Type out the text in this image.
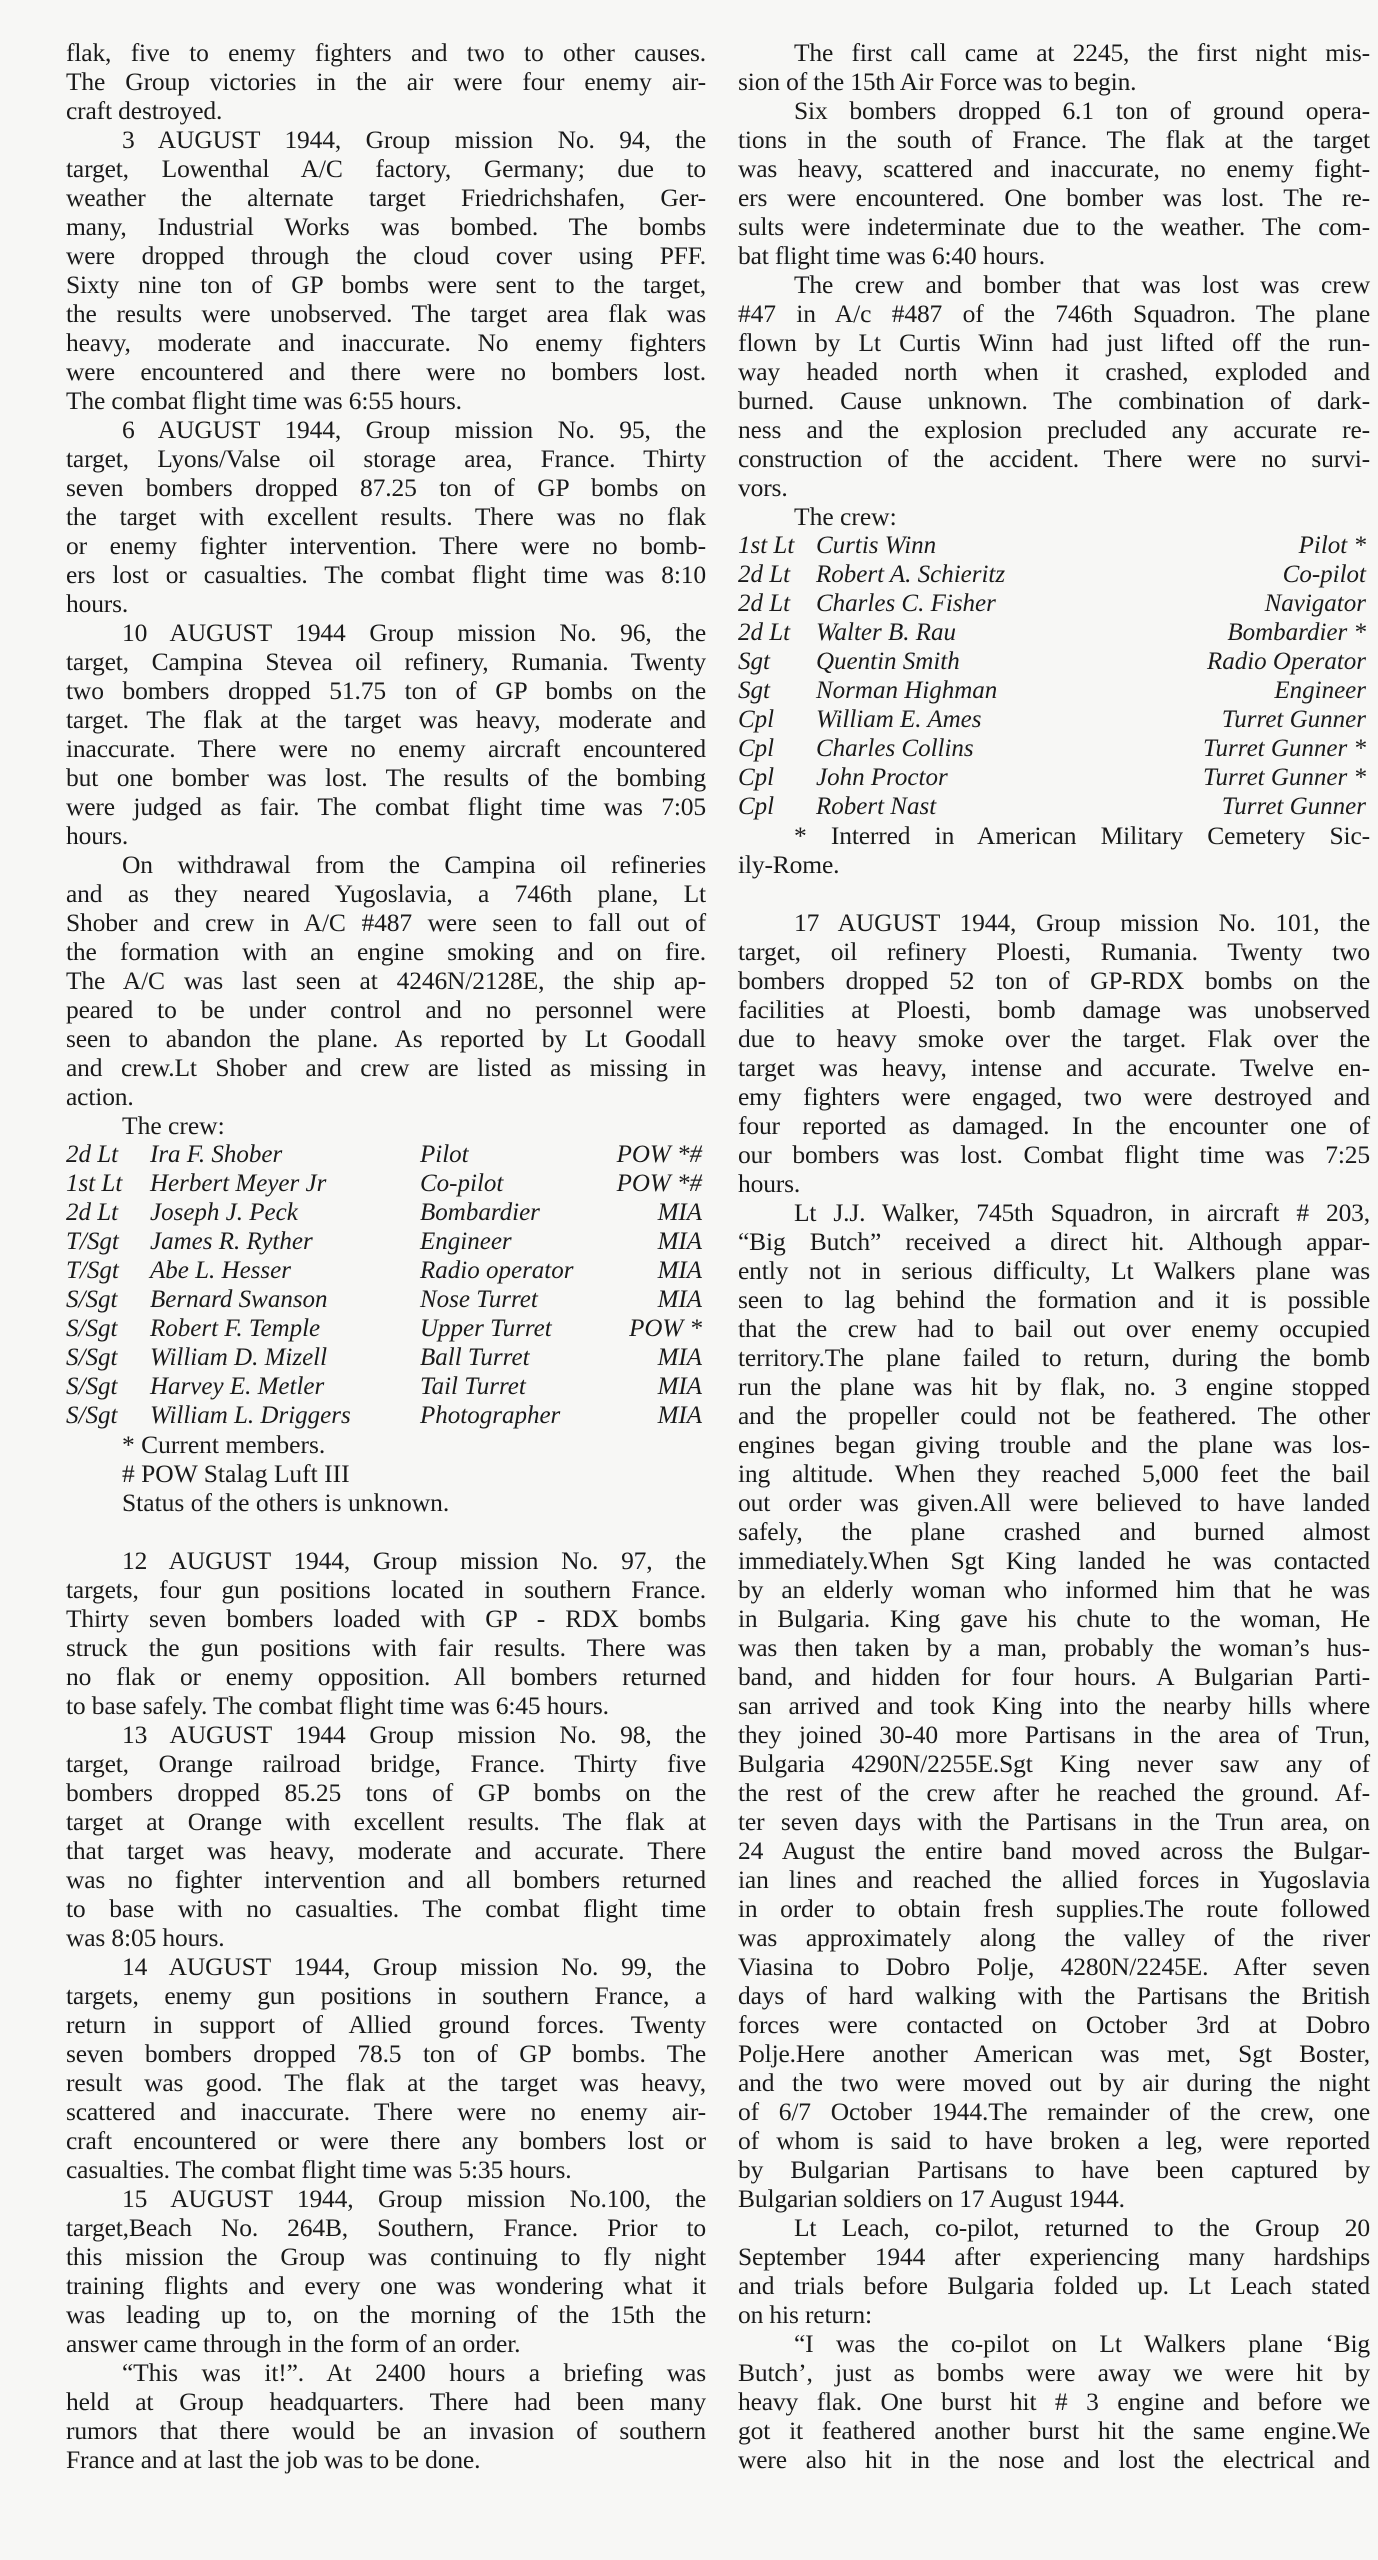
flak, five to enemy fighters and two to other causes.
The Group victories in the air were four enemy air-
craft destroyed.
3 AUGUST 1944, Group mission No. 94, the
target, Lowenthal A/C factory, Germany; due to
weather the alternate target Friedrichshafen, Ger-
many, Industrial Works was bombed. The bombs
were dropped through the cloud cover using PFF.
Sixty nine ton of GP bombs were sent to the target,
the results were unobserved. The target area flak was
heavy, moderate and inaccurate. No enemy fighters
were encountered and there were no bombers lost.
The combat flight time was 6:55 hours.
6 AUGUST 1944, Group mission No. 95, the
target, Lyons/Valse oil storage area, France. Thirty
seven bombers dropped 87.25 ton of GP bombs on
the target with excellent results. There was no flak
or enemy fighter intervention. There were no bomb-
ers lost or casualties. The combat flight time was 8:10
hours.
10 AUGUST 1944 Group mission No. 96, the
target, Campina Stevea oil refinery, Rumania. Twenty
two bombers dropped 51.75 ton of GP bombs on the
target. The flak at the target was heavy, moderate and
inaccurate. There were no enemy aircraft encountered
but one bomber was lost. The results of the bombing
were judged as fair. The combat flight time was 7:05
hours.
On withdrawal from the Campina oil refineries
and as they neared Yugoslavia, a 746th plane, Lt
Shober and crew in A/C #487 were seen to fall out of
the formation with an engine smoking and on fire.
The A/C was last seen at 4246N/2128E, the ship ap-
peared to be under control and no personnel were
seen to abandon the plane. As reported by Lt Goodall
and crew.Lt Shober and crew are listed as missing in
action.
The crew:
2d Lt Ira F. Shober	Pilot	POW *#
1st Lt Herbert Meyer Jr	Co-pilot	POW *#
2d Lt Joseph J. Peck	Bombardier	MIA
T/Sgt James R. Ryther	Engineer	MIA
T/Sgt Abe L. Hesser	Radio operator	MIA
S/Sgt Bernard Swanson	Nose Turret	MIA
S/Sgt Robert F. Temple	Upper Turret	POW *
S/Sgt William D. Mizell	Ball Turret	MIA
S/Sgt Harvey E. Metler	Tail Turret	MIA
S/Sgt William L. Driggers	Photographer	MIA
* Current members.
# POW Stalag Luft III
Status of the others is unknown.
12 AUGUST 1944, Group mission No. 97, the
targets, four gun positions located in southern France.
Thirty seven bombers loaded with GP - RDX bombs
struck the gun positions with fair results. There was
no flak or enemy opposition. All bombers returned
to base safely. The combat flight time was 6:45 hours.
13 AUGUST 1944 Group mission No. 98, the
target, Orange railroad bridge, France. Thirty five
bombers dropped 85.25 tons of GP bombs on the
target at Orange with excellent results. The flak at
that target was heavy, moderate and accurate. There
was no fighter intervention and all bombers returned
to base with no casualties. The combat flight time
was 8:05 hours.
14 AUGUST 1944, Group mission No. 99, the
targets, enemy gun positions in southern France, a
return in support of Allied ground forces. Twenty
seven bombers dropped 78.5 ton of GP bombs. The
result was good. The flak at the target was heavy,
scattered and inaccurate. There were no enemy air-
craft encountered or were there any bombers lost or
casualties. The combat flight time was 5:35 hours.
15 AUGUST 1944, Group mission No.100, the
target,Beach No. 264B, Southern, France. Prior to
this mission the Group was continuing to fly night
training flights and every one was wondering what it
was leading up to, on the morning of the 15th the
answer came through in the form of an order.
“This was it!”. At 2400 hours a briefing was
held at Group headquarters. There had been many
rumors that there would be an invasion of southern
France and at last the job was to be done.
The first call came at 2245, the first night mis-
sion of the 15th Air Force was to begin.
Six bombers dropped 6.1 ton of ground opera-
tions in the south of France. The flak at the target
was heavy, scattered and inaccurate, no enemy fight-
ers were encountered. One bomber was lost. The re-
sults were indeterminate due to the weather. The com-
bat flight time was 6:40 hours.
The crew and bomber that was lost was crew
#47 in A/c #487 of the 746th Squadron. The plane
flown by Lt Curtis Winn had just lifted off the run-
way headed north when it crashed, exploded and
burned. Cause unknown. The combination of dark-
ness and the explosion precluded any accurate re-
construction of the accident. There were no survi-
vors.
The crew:
1st Lt Curtis Winn	Pilot *
2d Lt Robert A. Schieritz	Co-pilot
2d Lt Charles C. Fisher	Navigator
2d Lt Walter B. Rau	Bombardier *
Sgt Quentin Smith	Radio Operator
Sgt Norman Highman	Engineer
Cpl William E. Ames	Turret Gunner
Cpl Charles Collins	Turret Gunner *
Cpl John Proctor	Turret Gunner *
Cpl Robert Nast	Turret Gunner
* Interred in American Military Cemetery Sic-
ily-Rome.
17 AUGUST 1944, Group mission No. 101, the
target, oil refinery Ploesti, Rumania. Twenty two
bombers dropped 52 ton of GP-RDX bombs on the
facilities at Ploesti, bomb damage was unobserved
due to heavy smoke over the target. Flak over the
target was heavy, intense and accurate. Twelve en-
emy fighters were engaged, two were destroyed and
four reported as damaged. In the encounter one of
our bombers was lost. Combat flight time was 7:25
hours.
Lt J.J. Walker, 745th Squadron, in aircraft # 203,
“Big Butch” received a direct hit. Although appar-
ently not in serious difficulty, Lt Walkers plane was
seen to lag behind the formation and it is possible
that the crew had to bail out over enemy occupied
territory.The plane failed to return, during the bomb
run the plane was hit by flak, no. 3 engine stopped
and the propeller could not be feathered. The other
engines began giving trouble and the plane was los-
ing altitude. When they reached 5,000 feet the bail
out order was given.All were believed to have landed
safely, the plane crashed and burned almost
immediately.When Sgt King landed he was contacted
by an elderly woman who informed him that he was
in Bulgaria. King gave his chute to the woman, He
was then taken by a man, probably the woman’s hus-
band, and hidden for four hours. A Bulgarian Parti-
san arrived and took King into the nearby hills where
they joined 30-40 more Partisans in the area of Trun,
Bulgaria 4290N/2255E.Sgt King never saw any of
the rest of the crew after he reached the ground. Af-
ter seven days with the Partisans in the Trun area, on
24 August the entire band moved across the Bulgar-
ian lines and reached the allied forces in Yugoslavia
in order to obtain fresh supplies.The route followed
was approximately along the valley of the river
Viasina to Dobro Polje, 4280N/2245E. After seven
days of hard walking with the Partisans the British
forces were contacted on October 3rd at Dobro
Polje.Here another American was met, Sgt Boster,
and the two were moved out by air during the night
of 6/7 October 1944.The remainder of the crew, one
of whom is said to have broken a leg, were reported
by Bulgarian Partisans to have been captured by
Bulgarian soldiers on 17 August 1944.
Lt Leach, co-pilot, returned to the Group 20
September 1944 after experiencing many hardships
and trials before Bulgaria folded up. Lt Leach stated
on his return:
“I was the co-pilot on Lt Walkers plane ‘Big
Butch’, just as bombs were away we were hit by
heavy flak. One burst hit # 3 engine and before we
got it feathered another burst hit the same engine.We
were also hit in the nose and lost the electrical and
